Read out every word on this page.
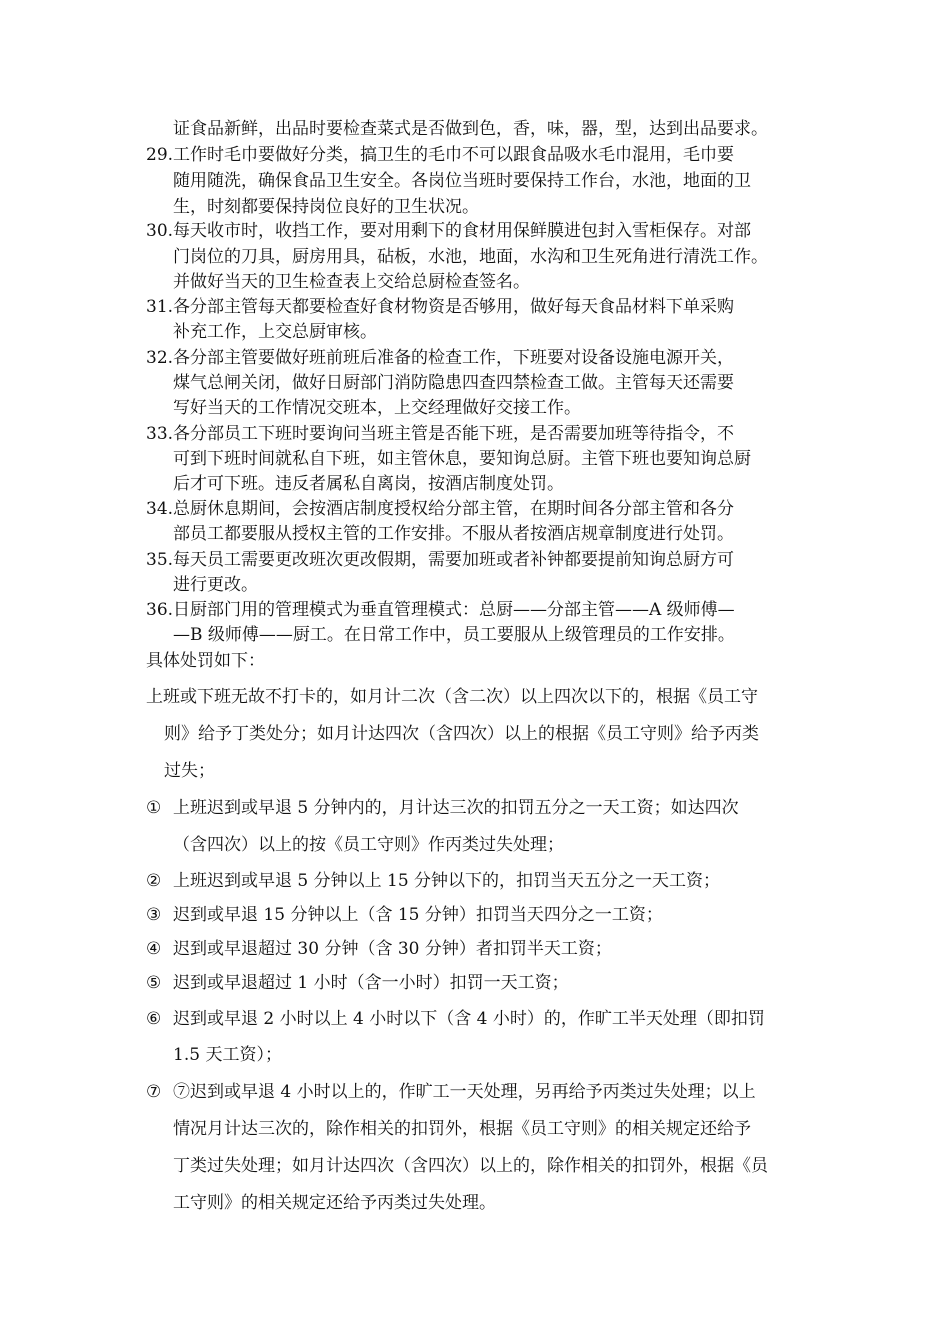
证食品新鲜，出品时要检查菜式是否做到色，香，味，器，型，达到出品要求。
29. 工作时毛巾要做好分类，搞卫生的毛巾不可以跟食品吸水毛巾混用，毛巾要
随用随洗，确保食品卫生安全。各岗位当班时要保持工作台，水池，地面的卫
生，时刻都要保持岗位良好的卫生状况。
30. 每天收市时，收挡工作，要对用剩下的食材用保鲜膜进包封入雪柜保存。对部
门岗位的刀具，厨房用具，砧板，水池，地面，水沟和卫生死角进行清洗工作。
并做好当天的卫生检查表上交给总厨检查签名。
31. 各分部主管每天都要检查好食材物资是否够用，做好每天食品材料下单采购
补充工作，上交总厨审核。
32. 各分部主管要做好班前班后准备的检查工作，下班要对设备设施电源开关，
煤气总闸关闭，做好日厨部门消防隐患四查四禁检查工做。主管每天还需要
写好当天的工作情况交班本，上交经理做好交接工作。
33. 各分部员工下班时要询问当班主管是否能下班，是否需要加班等待指令，不
可到下班时间就私自下班，如主管休息，要知询总厨。主管下班也要知询总厨
后才可下班。违反者属私自离岗，按酒店制度处罚。
34. 总厨休息期间，会按酒店制度授权给分部主管，在期时间各分部主管和各分
部员工都要服从授权主管的工作安排。不服从者按酒店规章制度进行处罚。
35. 每天员工需要更改班次更改假期，需要加班或者补钟都要提前知询总厨方可
进行更改。
36. 日厨部门用的管理模式为垂直管理模式：总厨——分部主管——A 级师傅—
—B 级师傅——厨工。在日常工作中，员工要服从上级管理员的工作安排。
具体处罚如下：
上班或下班无故不打卡的，如月计二次（含二次）以上四次以下的，根据《员工守
则》给予丁类处分；如月计达四次（含四次）以上的根据《员工守则》给予丙类
过失；
① 上班迟到或早退 5 分钟内的，月计达三次的扣罚五分之一天工资；如达四次
（含四次）以上的按《员工守则》作丙类过失处理；
② 上班迟到或早退 5 分钟以上 15 分钟以下的，扣罚当天五分之一天工资；
③ 迟到或早退 15 分钟以上（含 15 分钟）扣罚当天四分之一工资；
④ 迟到或早退超过 30 分钟（含 30 分钟）者扣罚半天工资；
⑤ 迟到或早退超过 1 小时（含一小时）扣罚一天工资；
⑥ 迟到或早退 2 小时以上 4 小时以下（含 4 小时）的，作旷工半天处理（即扣罚
1.5 天工资）；
⑦ ⑦迟到或早退 4 小时以上的，作旷工一天处理，另再给予丙类过失处理；以上
情况月计达三次的，除作相关的扣罚外，根据《员工守则》的相关规定还给予
丁类过失处理；如月计达四次（含四次）以上的，除作相关的扣罚外，根据《员
工守则》的相关规定还给予丙类过失处理。
